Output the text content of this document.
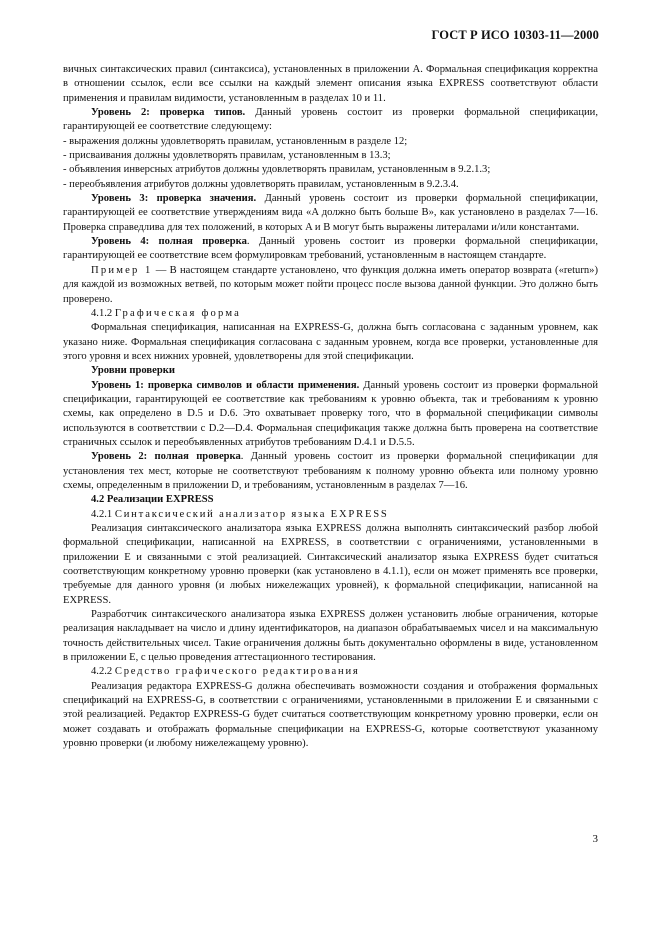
ГОСТ Р ИСО 10303-11—2000

вичных синтаксических правил (синтаксиса), установленных в приложении А. Формальная спецификация корректна в отношении ссылок, если все ссылки на каждый элемент описания языка EXPRESS соответствуют области применения и правилам видимости, установленным в разделах 10 и 11.

Уровень 2: проверка типов. Данный уровень состоит из проверки формальной спецификации, гарантирующей ее соответствие следующему:

- выражения должны удовлетворять правилам, установленным в разделе 12;

- присваивания должны удовлетворять правилам, установленным в 13.3;

- объявления инверсных атрибутов должны удовлетворять правилам, установленным в 9.2.1.3;

- переобъявления атрибутов должны удовлетворять правилам, установленным в 9.2.3.4.

Уровень 3: проверка значения. Данный уровень состоит из проверки формальной спецификации, гарантирующей ее соответствие утверждениям вида «A должно быть больше B», как установлено в разделах 7—16. Проверка справедлива для тех положений, в которых A и B могут быть выражены литералами и/или константами.

Уровень 4: полная проверка. Данный уровень состоит из проверки формальной спецификации, гарантирующей ее соответствие всем формулировкам требований, установленным в настоящем стандарте.

Пример 1 — В настоящем стандарте установлено, что функция должна иметь оператор возврата («return») для каждой из возможных ветвей, по которым может пойти процесс после вызова данной функции. Это должно быть проверено.

4.1.2 Графическая форма

Формальная спецификация, написанная на EXPRESS-G, должна быть согласована с заданным уровнем, как указано ниже. Формальная спецификация согласована с заданным уровнем, когда все проверки, установленные для этого уровня и всех нижних уровней, удовлетворены для этой спецификации.

Уровни проверки

Уровень 1: проверка символов и области применения. Данный уровень состоит из проверки формальной спецификации, гарантирующей ее соответствие как требованиям к уровню объекта, так и требованиям к уровню схемы, как определено в D.5 и D.6. Это охватывает проверку того, что в формальной спецификации символы используются в соответствии с D.2—D.4. Формальная спецификация также должна быть проверена на соответствие страничных ссылок и переобъявленных атрибутов требованиям D.4.1 и D.5.5.

Уровень 2: полная проверка. Данный уровень состоит из проверки формальной спецификации для установления тех мест, которые не соответствуют требованиям к полному уровню объекта или полному уровню схемы, определенным в приложении D, и требованиям, установленным в разделах 7—16.

4.2 Реализации EXPRESS

4.2.1 Синтаксический анализатор языка EXPRESS

Реализация синтаксического анализатора языка EXPRESS должна выполнять синтаксический разбор любой формальной спецификации, написанной на EXPRESS, в соответствии с ограничениями, установленными в приложении E и связанными с этой реализацией. Синтаксический анализатор языка EXPRESS будет считаться соответствующим конкретному уровню проверки (как установлено в 4.1.1), если он может применять все проверки, требуемые для данного уровня (и любых нижележащих уровней), к формальной спецификации, написанной на EXPRESS.

Разработчик синтаксического анализатора языка EXPRESS должен установить любые ограничения, которые реализация накладывает на число и длину идентификаторов, на диапазон обрабатываемых чисел и на максимальную точность действительных чисел. Такие ограничения должны быть документально оформлены в виде, установленном в приложении E, с целью проведения аттестационного тестирования.

4.2.2 Средство графического редактирования

Реализация редактора EXPRESS-G должна обеспечивать возможности создания и отображения формальных спецификаций на EXPRESS-G, в соответствии с ограничениями, установленными в приложении E и связанными с этой реализацией. Редактор EXPRESS-G будет считаться соответствующим конкретному уровню проверки, если он может создавать и отображать формальные спецификации на EXPRESS-G, которые соответствуют указанному уровню проверки (и любому нижележащему уровню).

3
